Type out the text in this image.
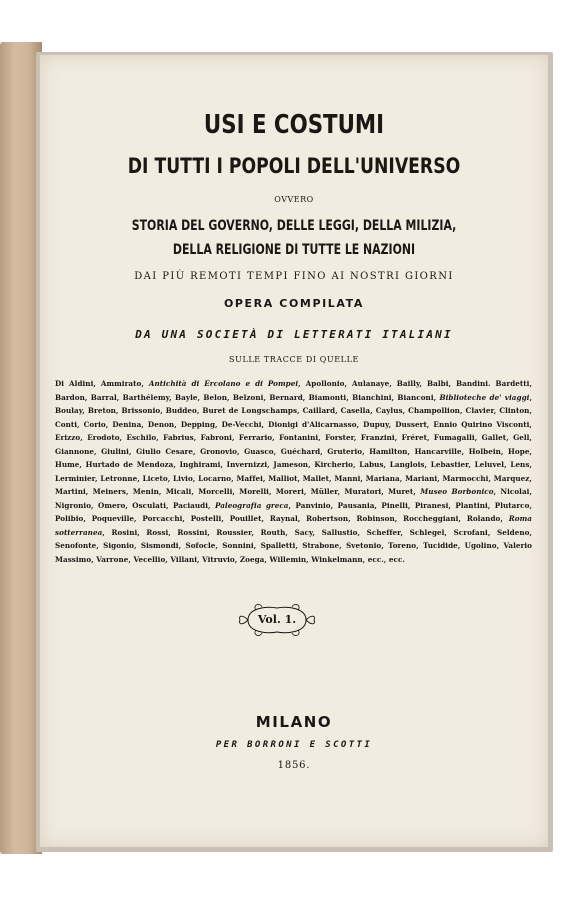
USI E COSTUMI
DI TUTTI I POPOLI DELL'UNIVERSO
OVVERO
STORIA DEL GOVERNO, DELLE LEGGI, DELLA MILIZIA,
DELLA RELIGIONE DI TUTTE LE NAZIONI
DAI PIÙ REMOTI TEMPI FINO AI NOSTRI GIORNI
OPERA COMPILATA
DA UNA SOCIETÀ DI LETTERATI ITALIANI
SULLE TRACCE DI QUELLE
Di Aldini, Ammirato, Antichità di Ercolano e di Pompei, Apollonio, Aulanaye, Bailly, Balbi, Bandini. Bardetti, Bardon, Barral, Barthélemy, Bayle, Belon, Belzoni, Bernard, Biamonti, Bianchini, Bianconi, Biblioteche de' viaggi, Boulay, Breton, Brissonio, Buddeo, Buret de Longschamps, Caillard, Casella, Caylus, Champollion, Clavier, Clinton, Conti, Corio, Denina, Denon, Depping, De-Vecchi, Dionigi d'Alicarnasso, Dupuy, Dussert, Ennio Quirino Visconti, Erizzo, Erodoto, Eschilo, Fabrius, Fabroni, Ferrario, Fontanini, Forster, Franzini, Fréret, Fumagalli, Gallet, Gell, Giannone, Giulini, Giulio Cesare, Gronovio, Guasco, Guéchard, Gruterio, Hamilton, Hancarville, Holbein, Hope, Hume, Hurtado de Mendoza, Inghirami, Invernizzi, Jameson, Kircherio, Labus, Langlois, Lebastier, Leluvel, Lens, Lerminier, Letronne, Liceto, Livio, Locarno, Maffei, Malliot, Mallet, Manni, Mariana, Mariani, Marmocchi, Marquez, Martini, Meiners, Menin, Micali, Morcelli, Morelli, Moreri, Müller, Muratori, Muret, Museo Borbonico, Nicolai, Nigronio, Omero, Osculati, Paciaudi, Paleografia greca, Panvinio, Pausania, Pinelli, Piranesi, Plantini, Plutarco, Polibio, Poqueville, Porcacchi, Postelli, Pouillet, Raynal, Robertson, Robinson, Roccheggiani, Rolando, Roma sotterranea, Rosini, Rossi, Rossini, Roussier, Routh, Sacy, Sallustio, Scheffer, Schlegel, Scrofani, Seldeno, Senofonte, Sigonio, Sismondi, Sofocle, Sonnini, Spalletti, Strabone, Svetonio, Toreno, Tucidide, Ugolino, Valerio Massimo, Varrone, Vecellio, Villani, Vitruvio, Zoega, Willemin, Winkelmann, ecc., ecc.
Vol. 1.
MILANO
PER BORRONI E SCOTTI
1856.
